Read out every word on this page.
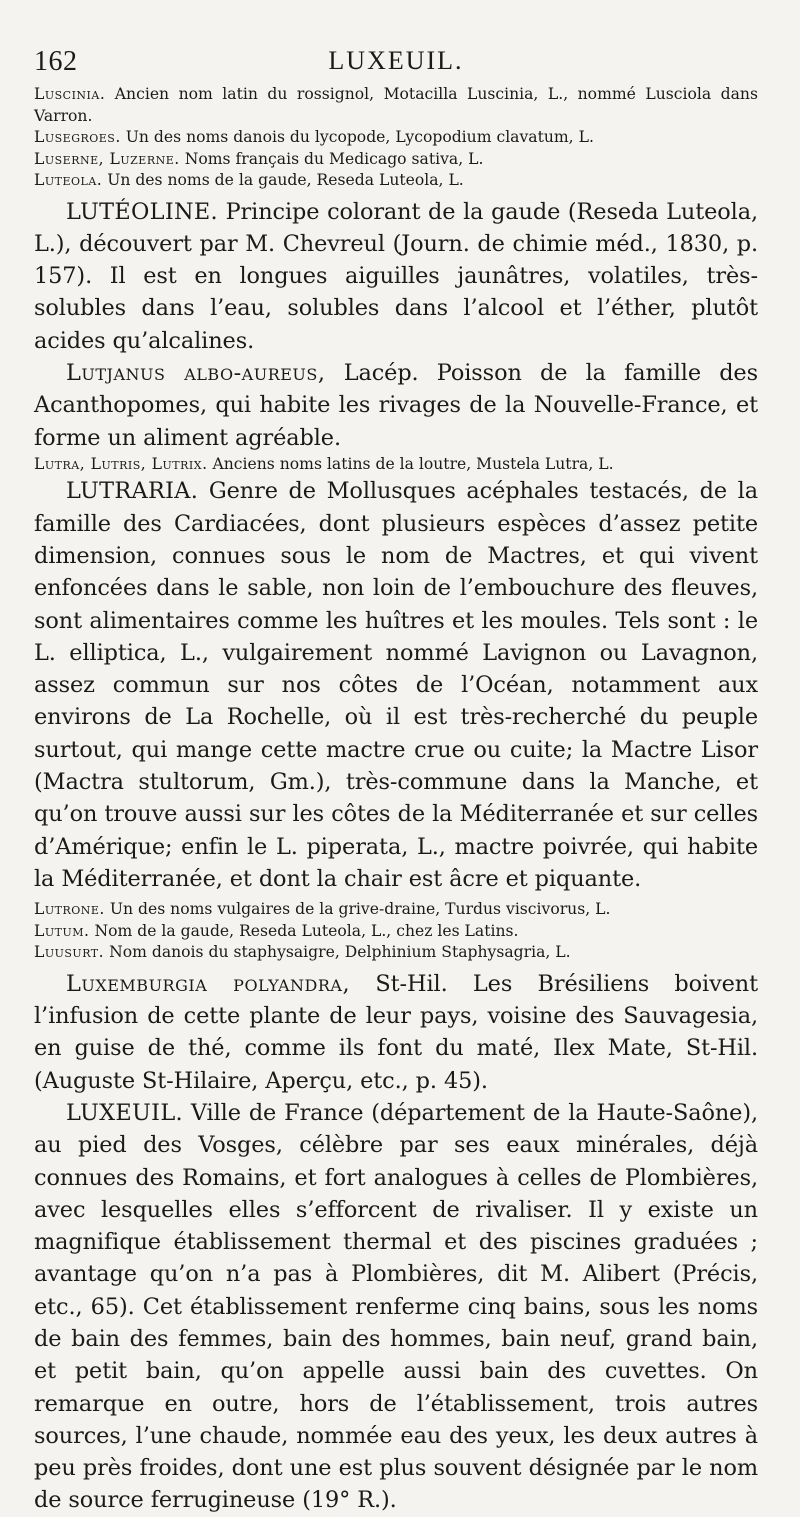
162	LUXEUIL.

Luscinia. Ancien nom latin du rossignol, Motacilla Luscinia, L., nommé Lusciola dans Varron.

Lusegroes. Un des noms danois du lycopode, Lycopodium clavatum, L.

Luserne, Luzerne. Noms français du Medicago sativa, L.

Luteola. Un des noms de la gaude, Reseda Luteola, L.

LUTÉOLINE. Principe colorant de la gaude (Reseda Luteola, L.), découvert par M. Chevreul (Journ. de chimie méd., 1830, p. 157). Il est en longues aiguilles jaunâtres, volatiles, très-solubles dans l’eau, solubles dans l’alcool et l’éther, plutôt acides qu’alcalines.

Lutjanus albo-aureus, Lacép. Poisson de la famille des Acanthopomes, qui habite les rivages de la Nouvelle-France, et forme un aliment agréable.

Lutra, Lutris, Lutrix. Anciens noms latins de la loutre, Mustela Lutra, L.

LUTRARIA. Genre de Mollusques acéphales testacés, de la famille des Cardiacées, dont plusieurs espèces d’assez petite dimension, connues sous le nom de Mactres, et qui vivent enfoncées dans le sable, non loin de l’embouchure des fleuves, sont alimentaires comme les huîtres et les moules. Tels sont : le L. elliptica, L., vulgairement nommé Lavignon ou Lavagnon, assez commun sur nos côtes de l’Océan, notamment aux environs de La Rochelle, où il est très-recherché du peuple surtout, qui mange cette mactre crue ou cuite; la Mactre Lisor (Mactra stultorum, Gm.), très-commune dans la Manche, et qu’on trouve aussi sur les côtes de la Méditerranée et sur celles d’Amérique; enfin le L. piperata, L., mactre poivrée, qui habite la Méditerranée, et dont la chair est âcre et piquante.

Lutrone. Un des noms vulgaires de la grive-draine, Turdus viscivorus, L.

Lutum. Nom de la gaude, Reseda Luteola, L., chez les Latins.

Luusurt. Nom danois du staphysaigre, Delphinium Staphysagria, L.

Luxemburgia polyandra, St-Hil. Les Brésiliens boivent l’infusion de cette plante de leur pays, voisine des Sauvagesia, en guise de thé, comme ils font du maté, Ilex Mate, St-Hil. (Auguste St-Hilaire, Aperçu, etc., p. 45).

LUXEUIL. Ville de France (département de la Haute-Saône), au pied des Vosges, célèbre par ses eaux minérales, déjà connues des Romains, et fort analogues à celles de Plombières, avec lesquelles elles s’efforcent de rivaliser. Il y existe un magnifique établissement thermal et des piscines graduées ; avantage qu’on n’a pas à Plombières, dit M. Alibert (Précis, etc., 65). Cet établissement renferme cinq bains, sous les noms de bain des femmes, bain des hommes, bain neuf, grand bain, et petit bain, qu’on appelle aussi bain des cuvettes. On remarque en outre, hors de l’établissement, trois autres sources, l’une chaude, nommée eau des yeux, les deux autres à peu près froides, dont une est plus souvent désignée par le nom de source ferrugineuse (19° R.).
